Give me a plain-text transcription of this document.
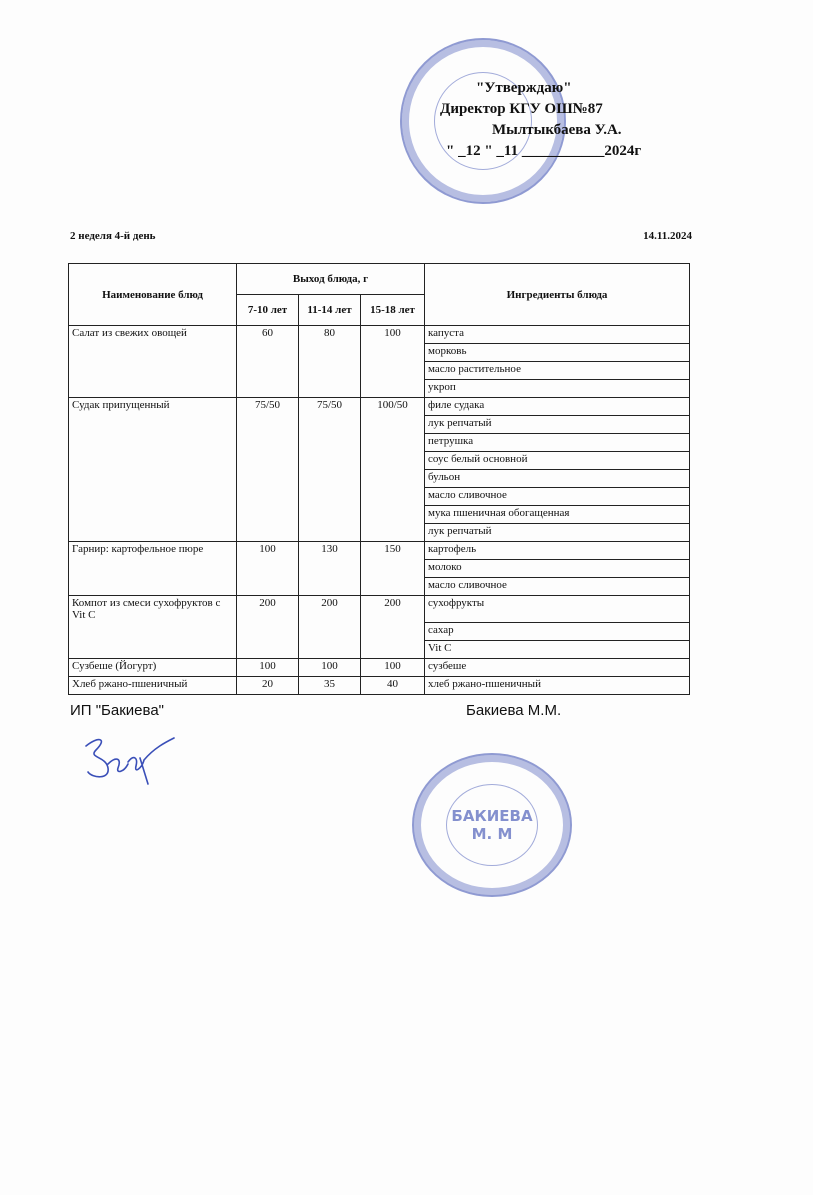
"Утверждаю"
Директор КГУ ОШ№87
Мылтыкбаева У.А.
" _12 " _11 ___________2024г
2 неделя 4-й день	14.11.2024
Наименование блюд	Выход блюда, г			Ингредиенты блюда
	7-10 лет	11-14 лет	15-18 лет	
Салат из свежих овощей	60	80	100	капуста
				морковь
				масло растительное
				укроп
Судак припущенный	75/50	75/50	100/50	филе судака
				лук репчатый
				петрушка
				соус белый основной
				бульон
				масло сливочное
				мука пшеничная обогащенная
				лук репчатый
Гарнир: картофельное пюре	100	130	150	картофель
				молоко
				масло сливочное
Компот из смеси сухофруктов с Vit C	200	200	200	сухофрукты
				сахар
				Vit C
Сузбеше (Йогурт)	100	100	100	сузбеше
Хлеб ржано-пшеничный	20	35	40	хлеб ржано-пшеничный
ИП "Бакиева"	Бакиева М.М.
БАКИЕВА
М. М
